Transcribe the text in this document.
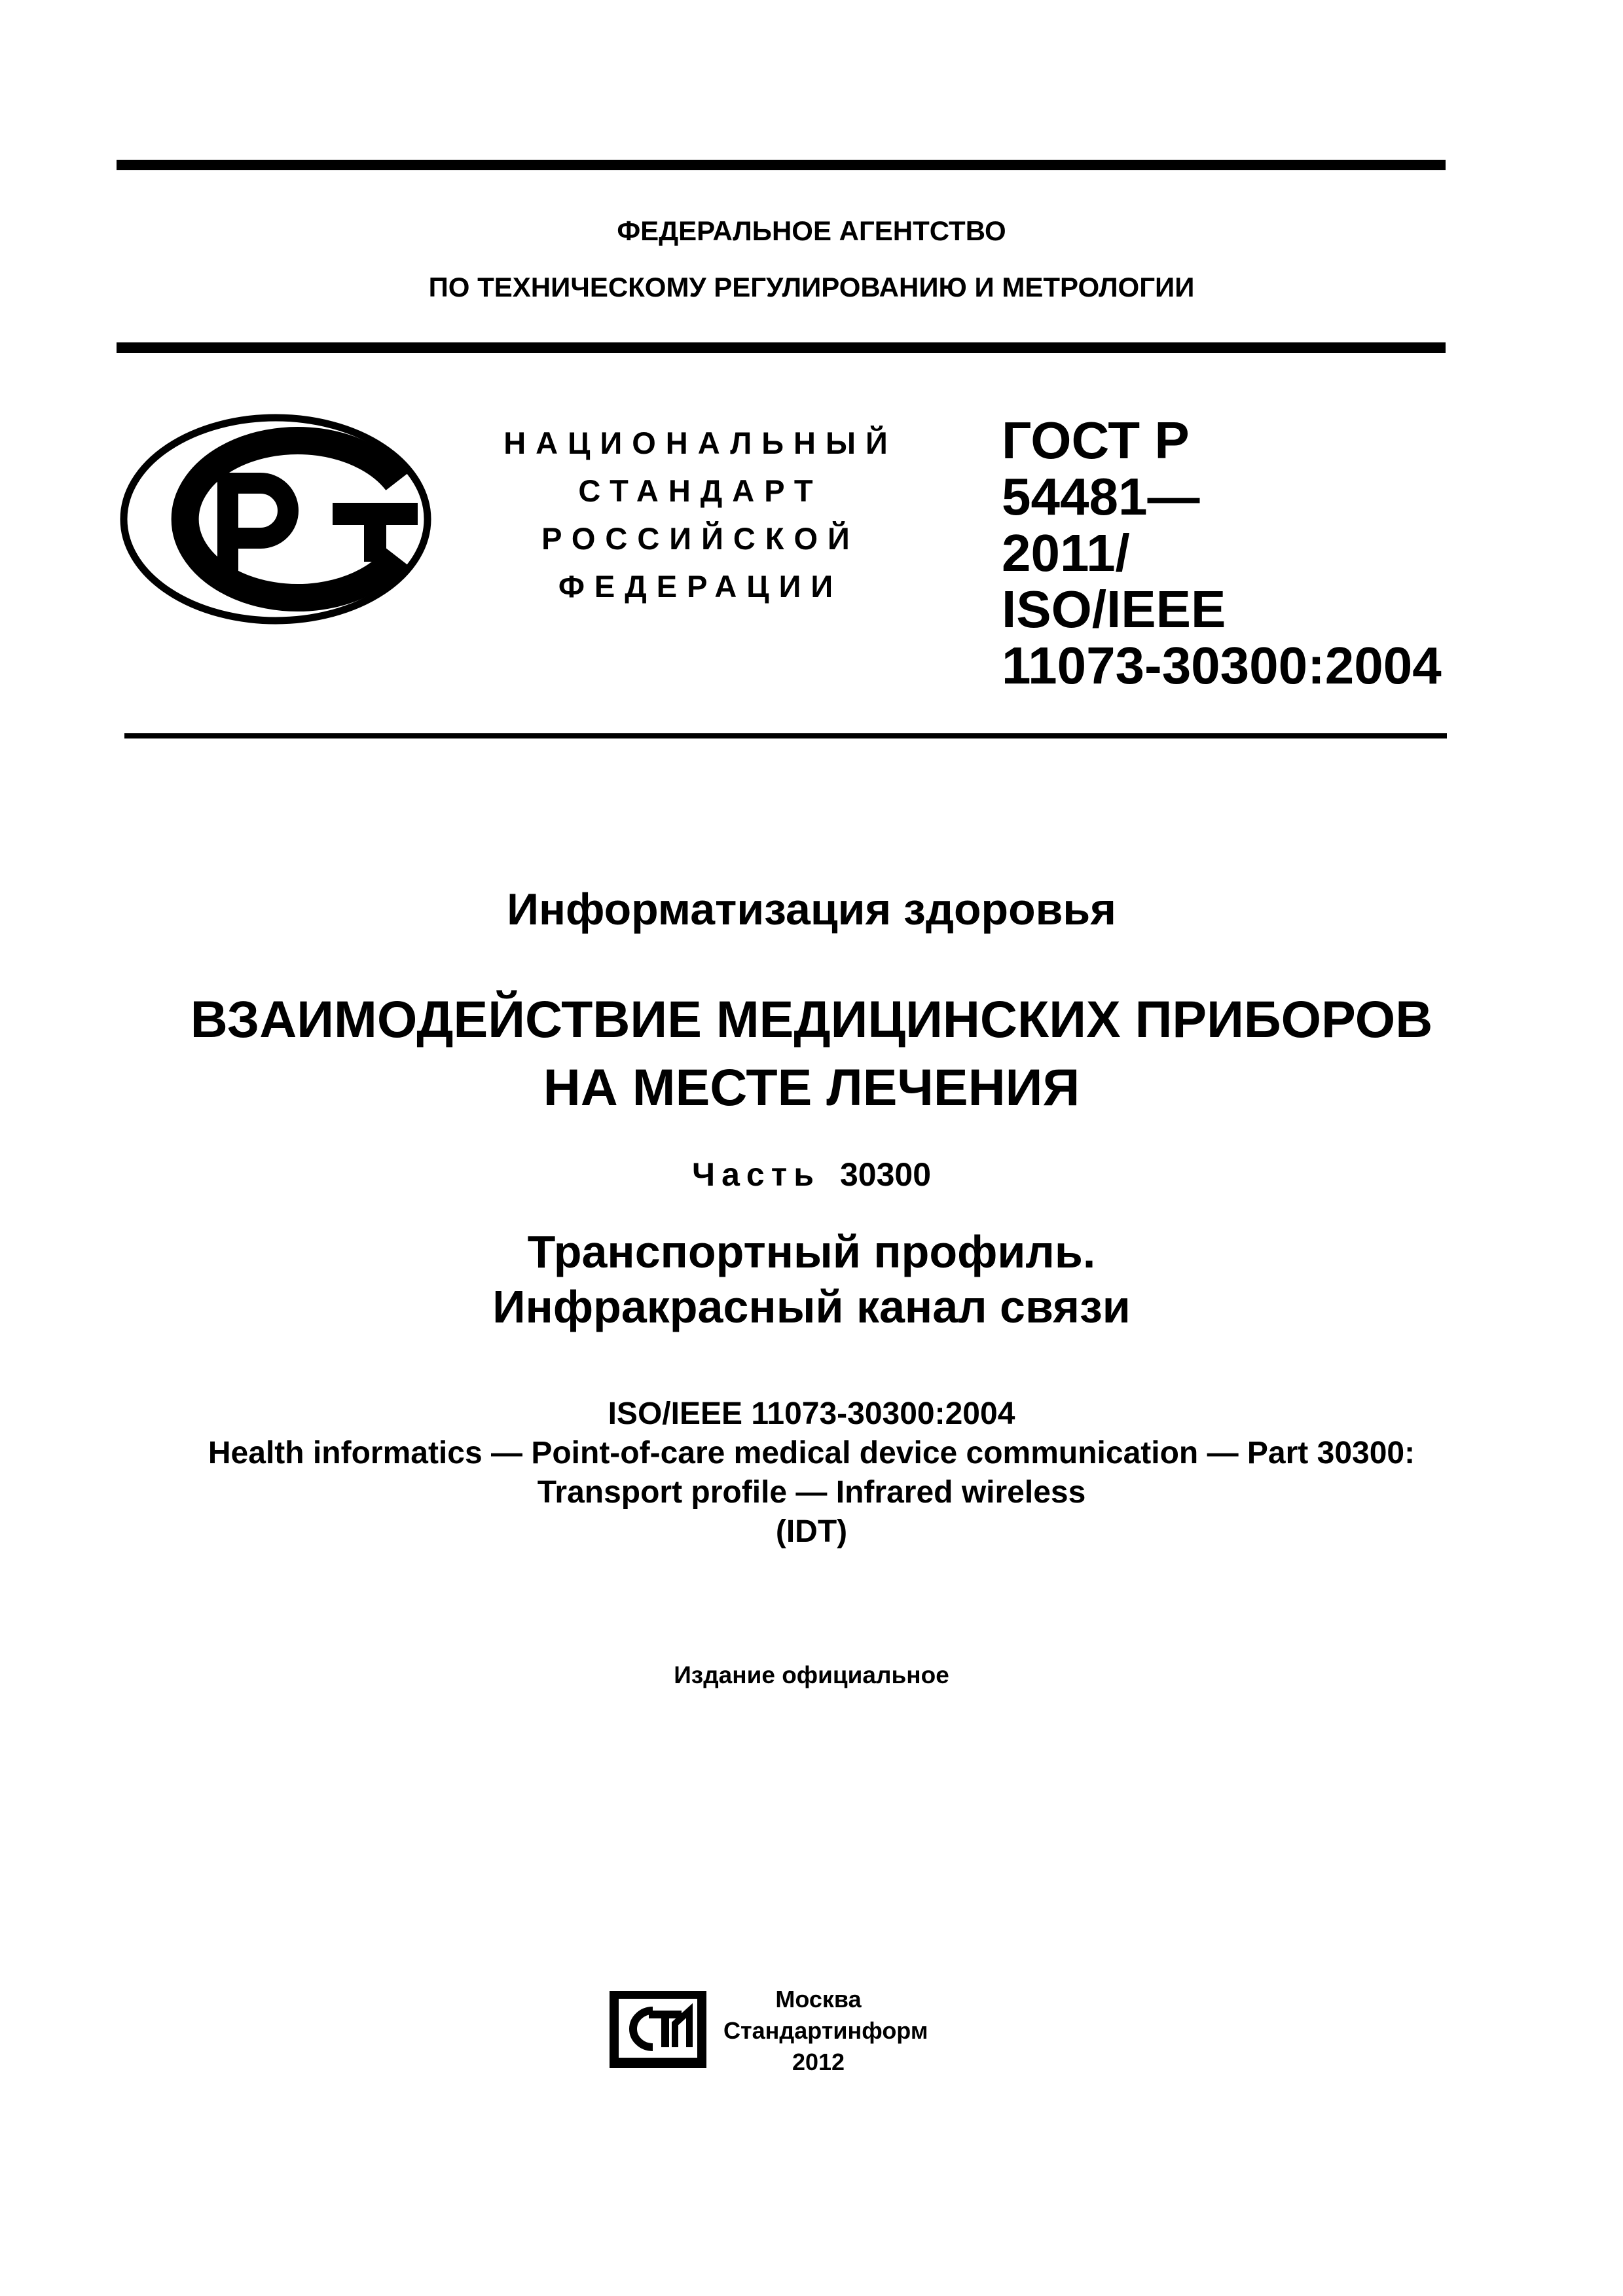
ФЕДЕРАЛЬНОЕ АГЕНТСТВО
ПО ТЕХНИЧЕСКОМУ РЕГУЛИРОВАНИЮ И МЕТРОЛОГИИ
НАЦИОНАЛЬНЫЙ
СТАНДАРТ
РОССИЙСКОЙ
ФЕДЕРАЦИИ
ГОСТ Р
54481—
2011/
ISO/IEEE
11073-30300:2004
Информатизация здоровья
ВЗАИМОДЕЙСТВИЕ МЕДИЦИНСКИХ ПРИБОРОВ
НА МЕСТЕ ЛЕЧЕНИЯ
Часть 30300
Транспортный профиль.
Инфракрасный канал связи
ISO/IEEE 11073-30300:2004
Health informatics — Point-of-care medical device communication — Part 30300:
Transport profile — Infrared wireless
(IDT)
Издание официальное
Москва
Стандартинформ
2012
